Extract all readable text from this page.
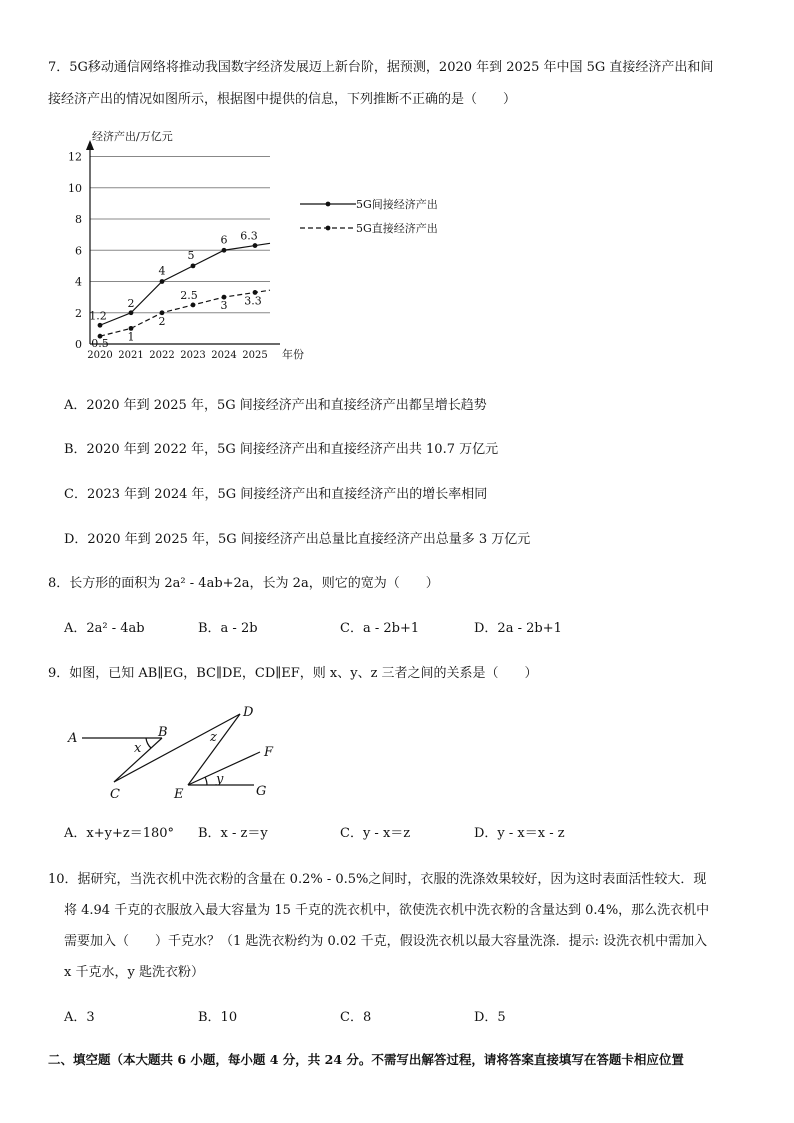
7．5G移动通信网络将推动我国数字经济发展迈上新台阶，据预测，2020 年到 2025 年中国 5G 直接经济产出和间
接经济产出的情况如图所示，根据图中提供的信息，下列推断不正确的是（　　）
0
2
4
6
8
10
12
经济产出/万亿元
年份
2020 2021 2022 2023 2024 2025
1.2
2
4
5
6 6.3
0.5
1
2
2.5
3 3.3
5G间接经济产出
5G直接经济产出
A．2020 年到 2025 年，5G 间接经济产出和直接经济产出都呈增长趋势
B．2020 年到 2022 年，5G 间接经济产出和直接经济产出共 10.7 万亿元
C．2023 年到 2024 年，5G 间接经济产出和直接经济产出的增长率相同
D．2020 年到 2025 年，5G 间接经济产出总量比直接经济产出总量多 3 万亿元
8．长方形的面积为 2a² - 4ab+2a，长为 2a，则它的宽为（　　）
A．2a² - 4ab	B．a - 2b	C．a - 2b+1	D．2a - 2b+1
9．如图，已知 AB∥EG，BC∥DE，CD∥EF，则 x、y、z 三者之间的关系是（　　）
A	B
C
D
E
F
G
x
y
z
A．x+y+z＝180° B．x - z＝y	C．y - x＝z	D．y - x＝x - z
10．据研究，当洗衣机中洗衣粉的含量在 0.2% - 0.5%之间时，衣服的洗涤效果较好，因为这时表面活性较大．现
将 4.94 千克的衣服放入最大容量为 15 千克的洗衣机中，欲使洗衣机中洗衣粉的含量达到 0.4%，那么洗衣机中
需要加入（　　）千克水？（1 匙洗衣粉约为 0.02 千克，假设洗衣机以最大容量洗涤．提示: 设洗衣机中需加入
x 千克水，y 匙洗衣粉）
A．3	B．10	C．8	D．5
二、填空题（本大题共 6 小题，每小题 4 分，共 24 分。不需写出解答过程，请将答案直接填写在答题卡相应位置
